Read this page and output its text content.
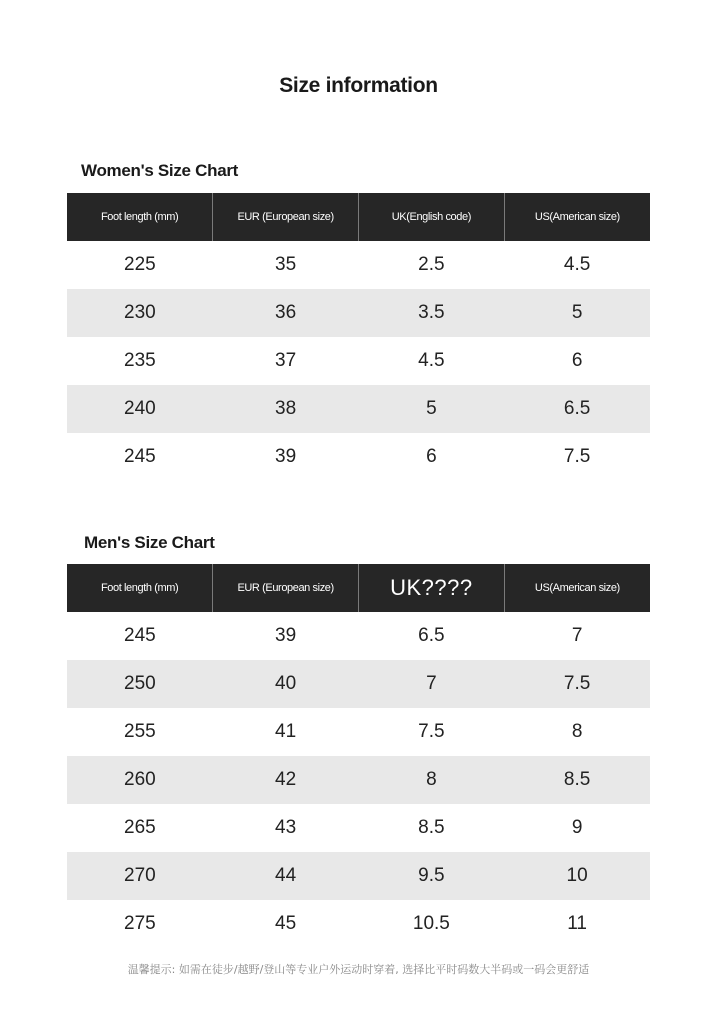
Size information
Women's Size Chart
Foot length (mm)	EUR (European size)	UK(English code)	US(American size)
225	35	2.5	4.5
230	36	3.5	5
235	37	4.5	6
240	38	5	6.5
245	39	6	7.5
Men's Size Chart
Foot length (mm)	EUR (European size)	UK????	US(American size)
245	39	6.5	7
250	40	7	7.5
255	41	7.5	8
260	42	8	8.5
265	43	8.5	9
270	44	9.5	10
275	45	10.5	11
温馨提示: 如需在徒步/越野/登山等专业户外运动时穿着, 选择比平时码数大半码或一码会更舒适
